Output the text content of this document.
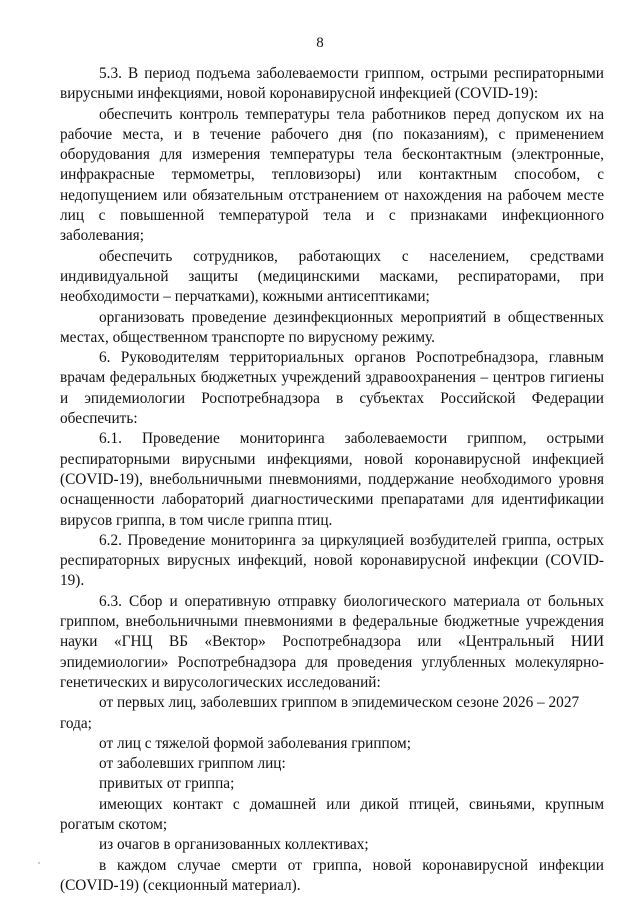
8

5.3. В период подъема заболеваемости гриппом, острыми респираторными вирусными инфекциями, новой коронавирусной инфекцией (COVID-19):

обеспечить контроль температуры тела работников перед допуском их на рабочие места, и в течение рабочего дня (по показаниям), с применением оборудования для измерения температуры тела бесконтактным (электронные, инфракрасные термометры, тепловизоры) или контактным способом, с недопущением или обязательным отстранением от нахождения на рабочем месте лиц с повышенной температурой тела и с признаками инфекционного заболевания;

обеспечить сотрудников, работающих с населением, средствами индивидуальной защиты (медицинскими масками, респираторами, при необходимости – перчатками), кожными антисептиками;

организовать проведение дезинфекционных мероприятий в общественных местах, общественном транспорте по вирусному режиму.

6. Руководителям территориальных органов Роспотребнадзора, главным врачам федеральных бюджетных учреждений здравоохранения – центров гигиены и эпидемиологии Роспотребнадзора в субъектах Российской Федерации обеспечить:

6.1. Проведение мониторинга заболеваемости гриппом, острыми респираторными вирусными инфекциями, новой коронавирусной инфекцией (COVID-19), внебольничными пневмониями, поддержание необходимого уровня оснащенности лабораторий диагностическими препаратами для идентификации вирусов гриппа, в том числе гриппа птиц.

6.2. Проведение мониторинга за циркуляцией возбудителей гриппа, острых респираторных вирусных инфекций, новой коронавирусной инфекции (COVID-19).

6.3. Сбор и оперативную отправку биологического материала от больных гриппом, внебольничными пневмониями в федеральные бюджетные учреждения науки «ГНЦ ВБ «Вектор» Роспотребнадзора или «Центральный НИИ эпидемиологии» Роспотребнадзора для проведения углубленных молекулярно-генетических и вирусологических исследований:

от первых лиц, заболевших гриппом в эпидемическом сезоне 2026 – 2027 года;

от лиц с тяжелой формой заболевания гриппом;

от заболевших гриппом лиц:

привитых от гриппа;

имеющих контакт с домашней или дикой птицей, свиньями, крупным рогатым скотом;

из очагов в организованных коллективах;

в каждом случае смерти от гриппа, новой коронавирусной инфекции (COVID-19) (секционный материал).
